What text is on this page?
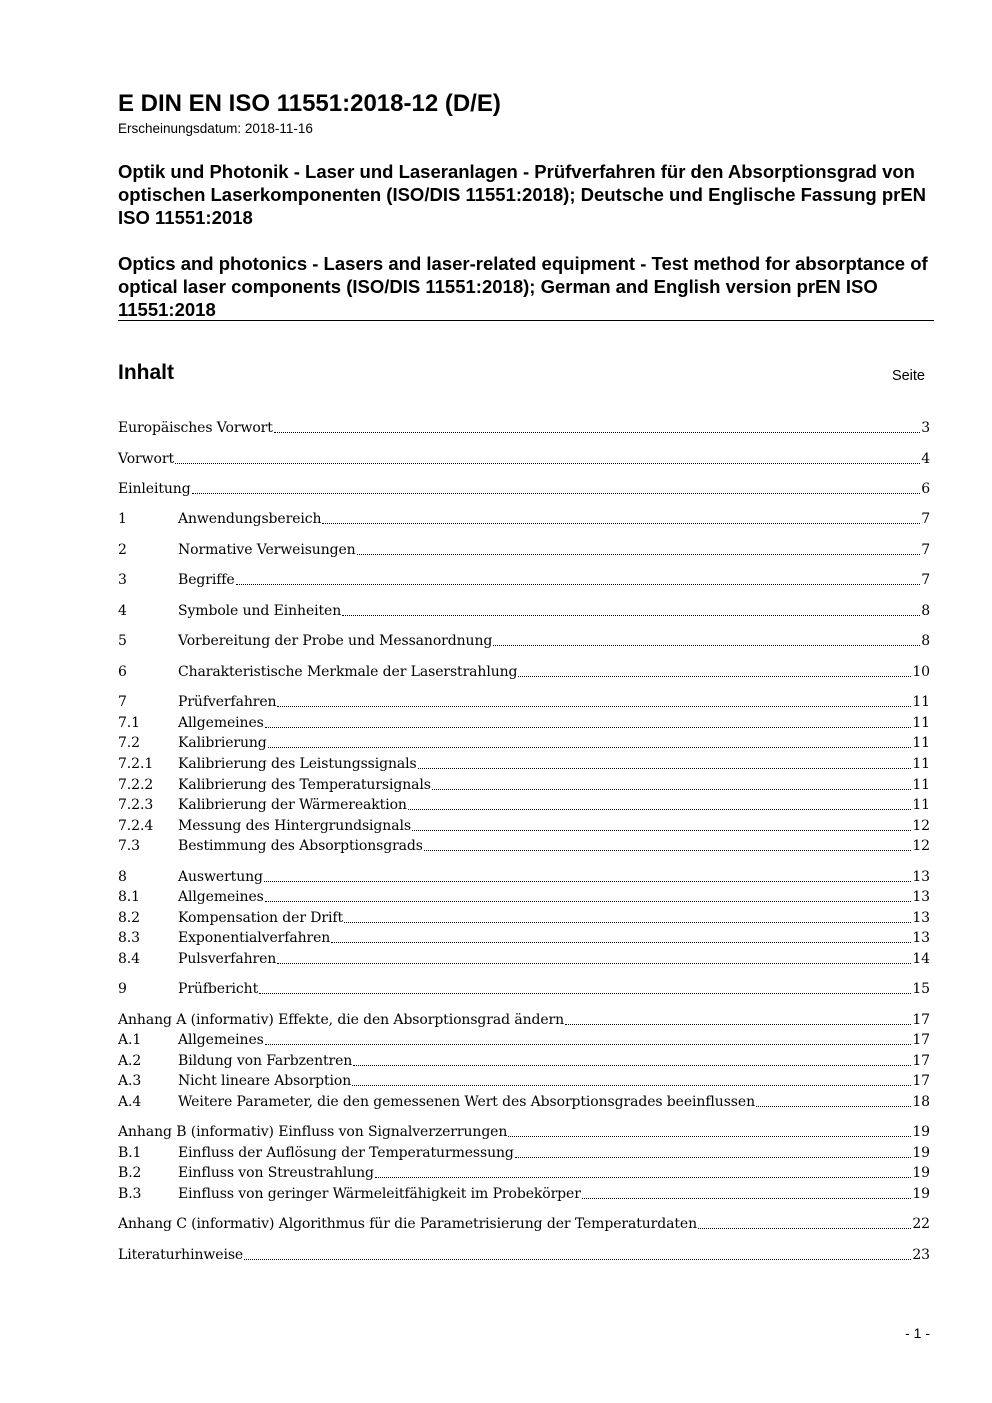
E DIN EN ISO 11551:2018-12 (D/E)

Erscheinungsdatum: 2018-11-16

Optik und Photonik - Laser und Laseranlagen - Prüfverfahren für den Absorptionsgrad von optischen Laserkomponenten (ISO/DIS 11551:2018); Deutsche und Englische Fassung prEN ISO 11551:2018

Optics and photonics - Lasers and laser-related equipment - Test method for absorptance of optical laser components (ISO/DIS 11551:2018); German and English version prEN ISO 11551:2018

Inhalt	Seite

Europäisches Vorwort	3
Vorwort	4
Einleitung	6
1	Anwendungsbereich	7
2	Normative Verweisungen	7
3	Begriffe	7
4	Symbole und Einheiten	8
5	Vorbereitung der Probe und Messanordnung	8
6	Charakteristische Merkmale der Laserstrahlung	10
7	Prüfverfahren	11
7.1	Allgemeines	11
7.2	Kalibrierung	11
7.2.1	Kalibrierung des Leistungssignals	11
7.2.2	Kalibrierung des Temperatursignals	11
7.2.3	Kalibrierung der Wärmereaktion	11
7.2.4	Messung des Hintergrundsignals	12
7.3	Bestimmung des Absorptionsgrads	12
8	Auswertung	13
8.1	Allgemeines	13
8.2	Kompensation der Drift	13
8.3	Exponentialverfahren	13
8.4	Pulsverfahren	14
9	Prüfbericht	15
Anhang A (informativ) Effekte, die den Absorptionsgrad ändern	17
A.1	Allgemeines	17
A.2	Bildung von Farbzentren	17
A.3	Nicht lineare Absorption	17
A.4	Weitere Parameter, die den gemessenen Wert des Absorptionsgrades beeinflussen	18
Anhang B (informativ) Einfluss von Signalverzerrungen	19
B.1	Einfluss der Auflösung der Temperaturmessung	19
B.2	Einfluss von Streustrahlung	19
B.3	Einfluss von geringer Wärmeleitfähigkeit im Probekörper	19
Anhang C (informativ) Algorithmus für die Parametrisierung der Temperaturdaten	22
Literaturhinweise	23

- 1 -
